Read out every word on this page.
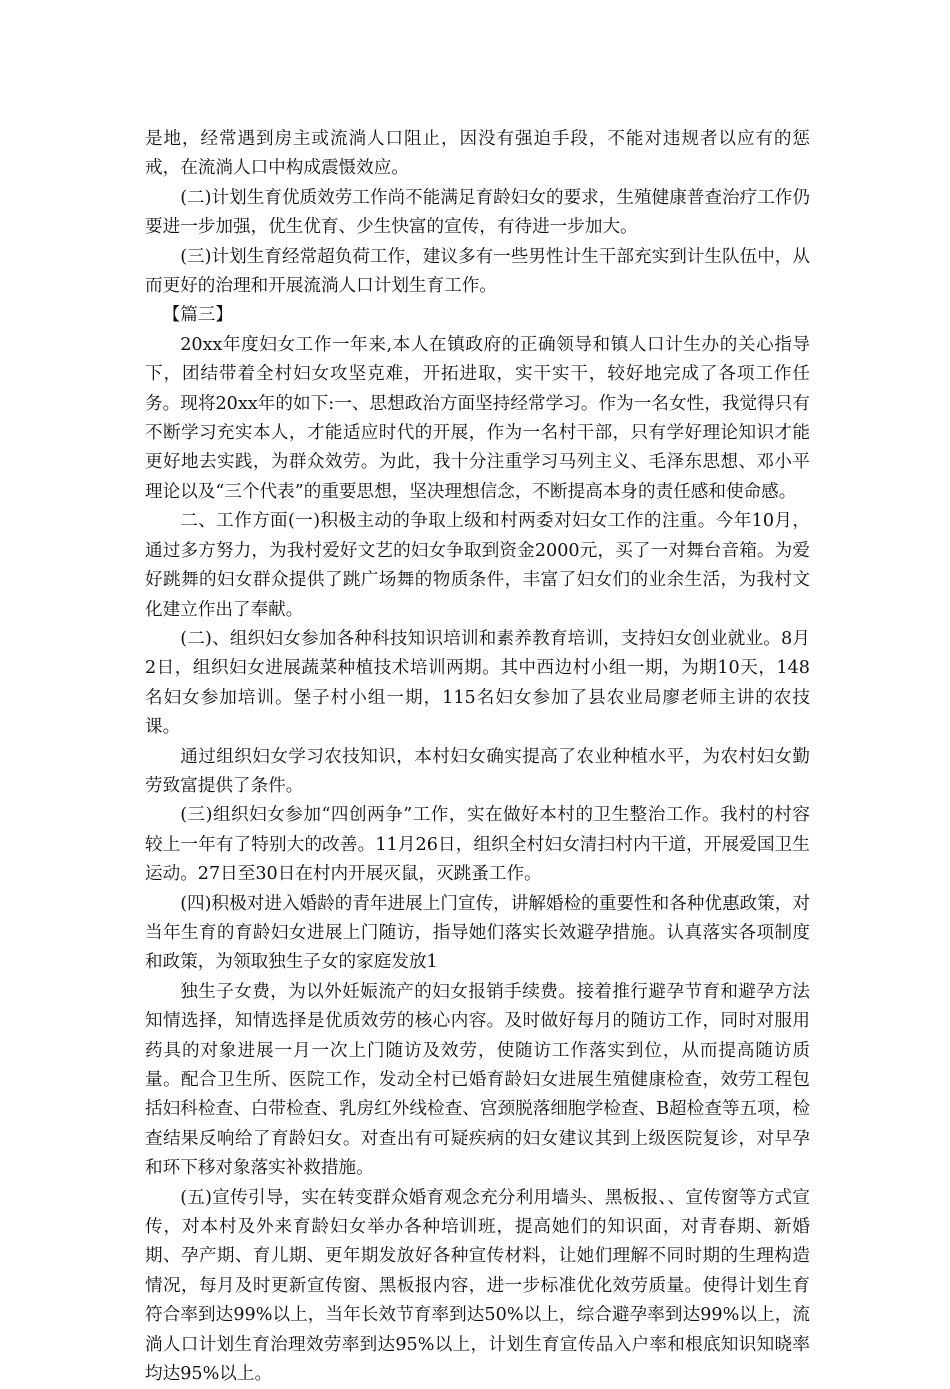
是地，经常遇到房主或流淌人口阻止，因没有强迫手段，不能对违规者以应有的惩戒，在流淌人口中构成震慑效应。

(二)计划生育优质效劳工作尚不能满足育龄妇女的要求，生殖健康普查治疗工作仍要进一步加强，优生优育、少生快富的宣传，有待进一步加大。

(三)计划生育经常超负荷工作，建议多有一些男性计生干部充实到计生队伍中，从而更好的治理和开展流淌人口计划生育工作。

【篇三】

20xx年度妇女工作一年来,本人在镇政府的正确领导和镇人口计生办的关心指导下，团结带着全村妇女攻坚克难，开拓进取，实干实干，较好地完成了各项工作任务。现将20xx年的如下:一、思想政治方面坚持经常学习。作为一名女性，我觉得只有不断学习充实本人，才能适应时代的开展，作为一名村干部，只有学好理论知识才能更好地去实践，为群众效劳。为此，我十分注重学习马列主义、毛泽东思想、邓小平理论以及“三个代表”的重要思想，坚决理想信念，不断提高本身的责任感和使命感。

二、工作方面(一)积极主动的争取上级和村两委对妇女工作的注重。今年10月，通过多方努力，为我村爱好文艺的妇女争取到资金2000元，买了一对舞台音箱。为爱好跳舞的妇女群众提供了跳广场舞的物质条件，丰富了妇女们的业余生活，为我村文化建立作出了奉献。

(二)、组织妇女参加各种科技知识培训和素养教育培训，支持妇女创业就业。8月2日，组织妇女进展蔬菜种植技术培训两期。其中西边村小组一期，为期10天，148名妇女参加培训。堡子村小组一期，115名妇女参加了县农业局廖老师主讲的农技课。

通过组织妇女学习农技知识，本村妇女确实提高了农业种植水平，为农村妇女勤劳致富提供了条件。

(三)组织妇女参加“四创两争”工作，实在做好本村的卫生整治工作。我村的村容较上一年有了特别大的改善。11月26日，组织全村妇女清扫村内干道，开展爱国卫生运动。27日至30日在村内开展灭鼠，灭跳蚤工作。

(四)积极对进入婚龄的青年进展上门宣传，讲解婚检的重要性和各种优惠政策，对当年生育的育龄妇女进展上门随访，指导她们落实长效避孕措施。认真落实各项制度和政策，为领取独生子女的家庭发放1

独生子女费，为以外妊娠流产的妇女报销手续费。接着推行避孕节育和避孕方法知情选择，知情选择是优质效劳的核心内容。及时做好每月的随访工作，同时对服用药具的对象进展一月一次上门随访及效劳，使随访工作落实到位，从而提高随访质量。配合卫生所、医院工作，发动全村已婚育龄妇女进展生殖健康检查，效劳工程包括妇科检查、白带检查、乳房红外线检查、宫颈脱落细胞学检查、B超检查等五项，检查结果反响给了育龄妇女。对查出有可疑疾病的妇女建议其到上级医院复诊，对早孕和环下移对象落实补救措施。

(五)宣传引导，实在转变群众婚育观念充分利用墙头、黑板报、、宣传窗等方式宣传，对本村及外来育龄妇女举办各种培训班，提高她们的知识面，对青春期、新婚期、孕产期、育儿期、更年期发放好各种宣传材料，让她们理解不同时期的生理构造情况，每月及时更新宣传窗、黑板报内容，进一步标准优化效劳质量。使得计划生育符合率到达99%以上，当年长效节育率到达50%以上，综合避孕率到达99%以上，流淌人口计划生育治理效劳率到达95%以上，计划生育宣传品入户率和根底知识知晓率均达95%以上。
